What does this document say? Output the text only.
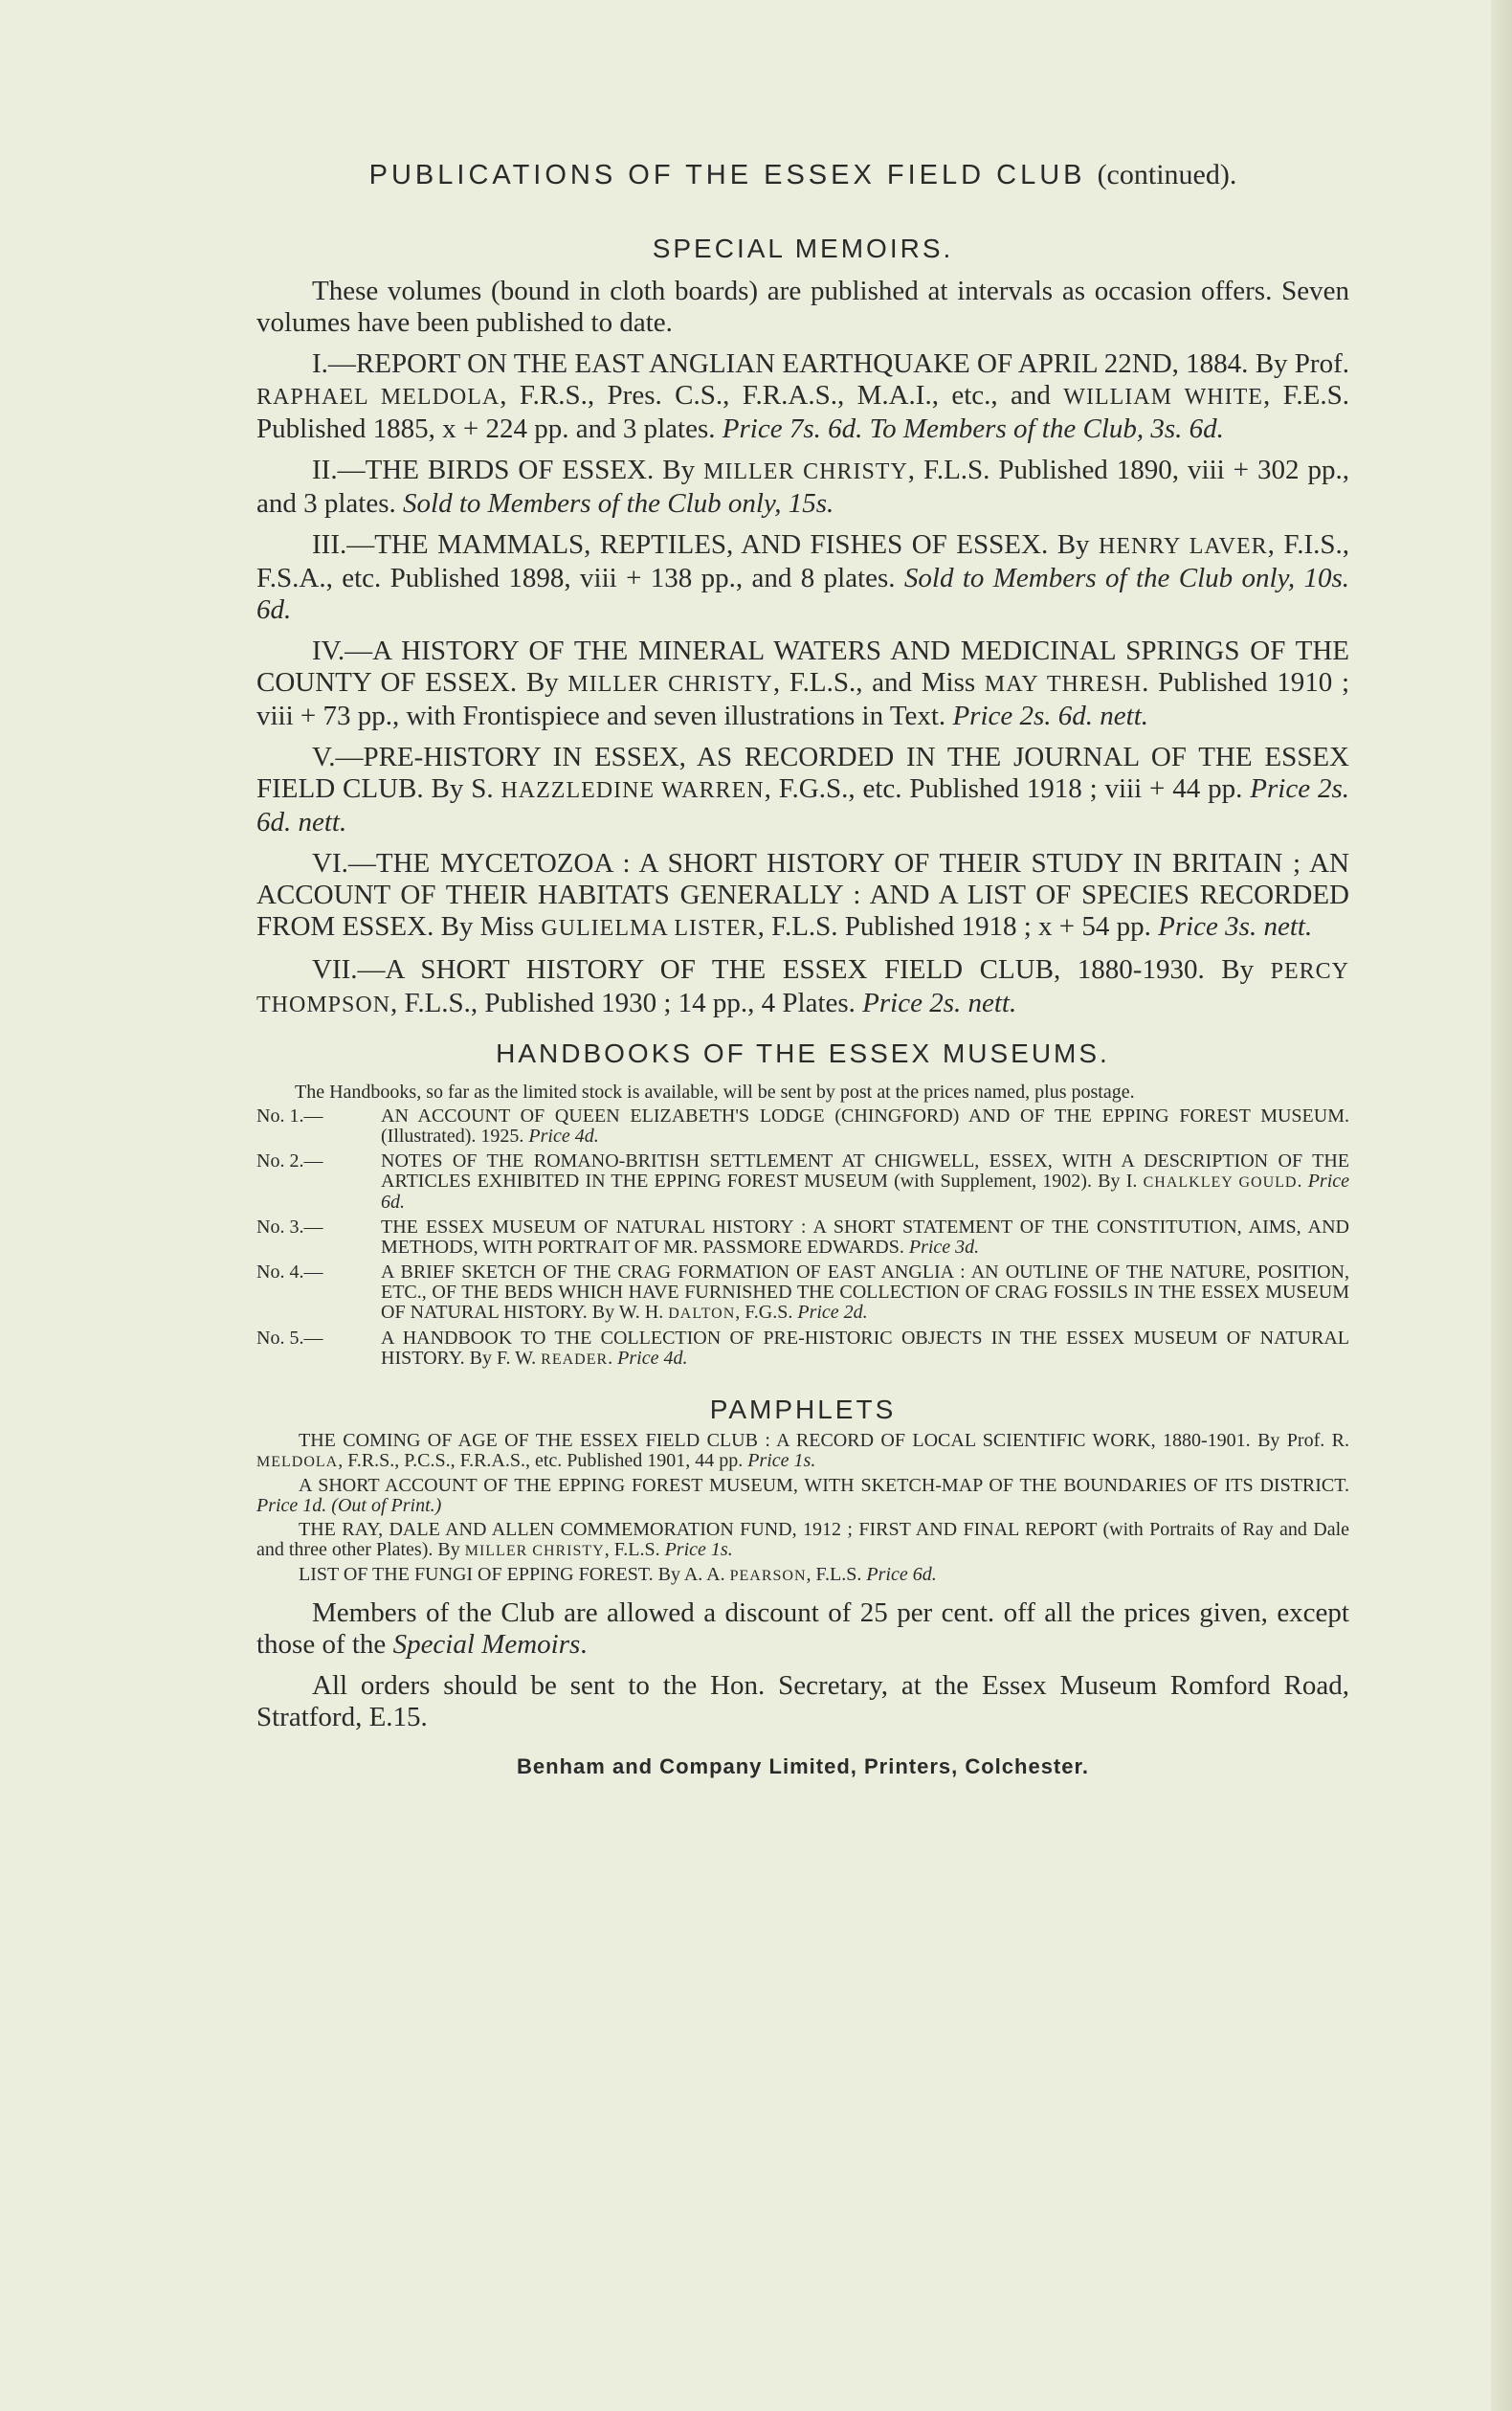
PUBLICATIONS OF THE ESSEX FIELD CLUB (continued).
SPECIAL MEMOIRS.

These volumes (bound in cloth boards) are published at intervals as occasion offers. Seven volumes have been published to date.

I.—REPORT ON THE EAST ANGLIAN EARTHQUAKE OF APRIL 22ND, 1884. By Prof. RAPHAEL MELDOLA, F.R.S., Pres. C.S., F.R.A.S., M.A.I., etc., and WILLIAM WHITE, F.E.S. Published 1885, x + 224 pp. and 3 plates. Price 7s. 6d. To Members of the Club, 3s. 6d.

II.—THE BIRDS OF ESSEX. By MILLER CHRISTY, F.L.S. Published 1890, viii + 302 pp., and 3 plates. Sold to Members of the Club only, 15s.

III.—THE MAMMALS, REPTILES, AND FISHES OF ESSEX. By HENRY LAVER, F.I.S., F.S.A., etc. Published 1898, viii + 138 pp., and 8 plates. Sold to Members of the Club only, 10s. 6d.

IV.—A HISTORY OF THE MINERAL WATERS AND MEDICINAL SPRINGS OF THE COUNTY OF ESSEX. By MILLER CHRISTY, F.L.S., and Miss MAY THRESH. Published 1910 ; viii + 73 pp., with Frontispiece and seven illustrations in Text. Price 2s. 6d. nett.

V.—PRE-HISTORY IN ESSEX, AS RECORDED IN THE JOURNAL OF THE ESSEX FIELD CLUB. By S. HAZZLEDINE WARREN, F.G.S., etc. Published 1918 ; viii + 44 pp. Price 2s. 6d. nett.

VI.—THE MYCETOZOA : A SHORT HISTORY OF THEIR STUDY IN BRITAIN ; AN ACCOUNT OF THEIR HABITATS GENERALLY : AND A LIST OF SPECIES RECORDED FROM ESSEX. By Miss GULIELMA LISTER, F.L.S. Published 1918 ; x + 54 pp. Price 3s. nett.

VII.—A SHORT HISTORY OF THE ESSEX FIELD CLUB, 1880-1930. By PERCY THOMPSON, F.L.S., Published 1930 ; 14 pp., 4 Plates. Price 2s. nett.

HANDBOOKS OF THE ESSEX MUSEUMS.

The Handbooks, so far as the limited stock is available, will be sent by post at the prices named, plus postage.

No. 1.—	AN ACCOUNT OF QUEEN ELIZABETH'S LODGE (CHINGFORD) AND OF THE EPPING FOREST MUSEUM. (Illustrated). 1925. Price 4d.
No. 2.—	NOTES OF THE ROMANO-BRITISH SETTLEMENT AT CHIGWELL, ESSEX, WITH A DESCRIPTION OF THE ARTICLES EXHIBITED IN THE EPPING FOREST MUSEUM (with Supplement, 1902). By I. CHALKLEY GOULD. Price 6d.
No. 3.—	THE ESSEX MUSEUM OF NATURAL HISTORY : A SHORT STATEMENT OF THE CONSTITUTION, AIMS, AND METHODS, WITH PORTRAIT OF MR. PASSMORE EDWARDS. Price 3d.
No. 4.—	A BRIEF SKETCH OF THE CRAG FORMATION OF EAST ANGLIA : AN OUTLINE OF THE NATURE, POSITION, ETC., OF THE BEDS WHICH HAVE FURNISHED THE COLLECTION OF CRAG FOSSILS IN THE ESSEX MUSEUM OF NATURAL HISTORY. By W. H. DALTON, F.G.S. Price 2d.
No. 5.—	A HANDBOOK TO THE COLLECTION OF PRE-HISTORIC OBJECTS IN THE ESSEX MUSEUM OF NATURAL HISTORY. By F. W. READER. Price 4d.
PAMPHLETS

THE COMING OF AGE OF THE ESSEX FIELD CLUB : A RECORD OF LOCAL SCIENTIFIC WORK, 1880-1901. By Prof. R. MELDOLA, F.R.S., P.C.S., F.R.A.S., etc. Published 1901, 44 pp. Price 1s.

A SHORT ACCOUNT OF THE EPPING FOREST MUSEUM, WITH SKETCH-MAP OF THE BOUNDARIES OF ITS DISTRICT. Price 1d. (Out of Print.)

THE RAY, DALE AND ALLEN COMMEMORATION FUND, 1912 ; FIRST AND FINAL REPORT (with Portraits of Ray and Dale and three other Plates). By MILLER CHRISTY, F.L.S. Price 1s.

LIST OF THE FUNGI OF EPPING FOREST. By A. A. PEARSON, F.L.S. Price 6d.

Members of the Club are allowed a discount of 25 per cent. off all the prices given, except those of the Special Memoirs.

All orders should be sent to the Hon. Secretary, at the Essex Museum Romford Road, Stratford, E.15.

Benham and Company Limited, Printers, Colchester.
